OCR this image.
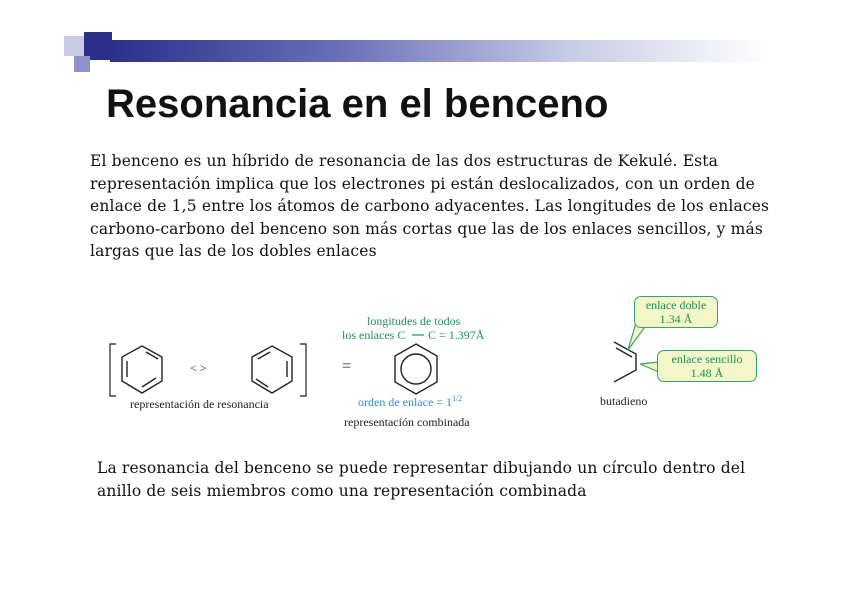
Resonancia en el benceno
El benceno es un híbrido de resonancia de las dos estructuras de Kekulé. Esta
representación implica que los electrones pi están deslocalizados, con un orden de
enlace de 1,5 entre los átomos de carbono adyacentes. Las longitudes de los enlaces
carbono-carbono del benceno son más cortas que las de los enlaces sencillos, y más
largas que las de los dobles enlaces
< >
representación de resonancia
=
longitudes de todos
los enlaces C C = 1.397Å
orden de enlace = $1^{1/2}$
representación combinada
enlace doble
1.34 Å
enlace sencillo
1.48 Å
butadieno
La resonancia del benceno se puede representar dibujando un círculo dentro del
anillo de seis miembros como una representación combinada
